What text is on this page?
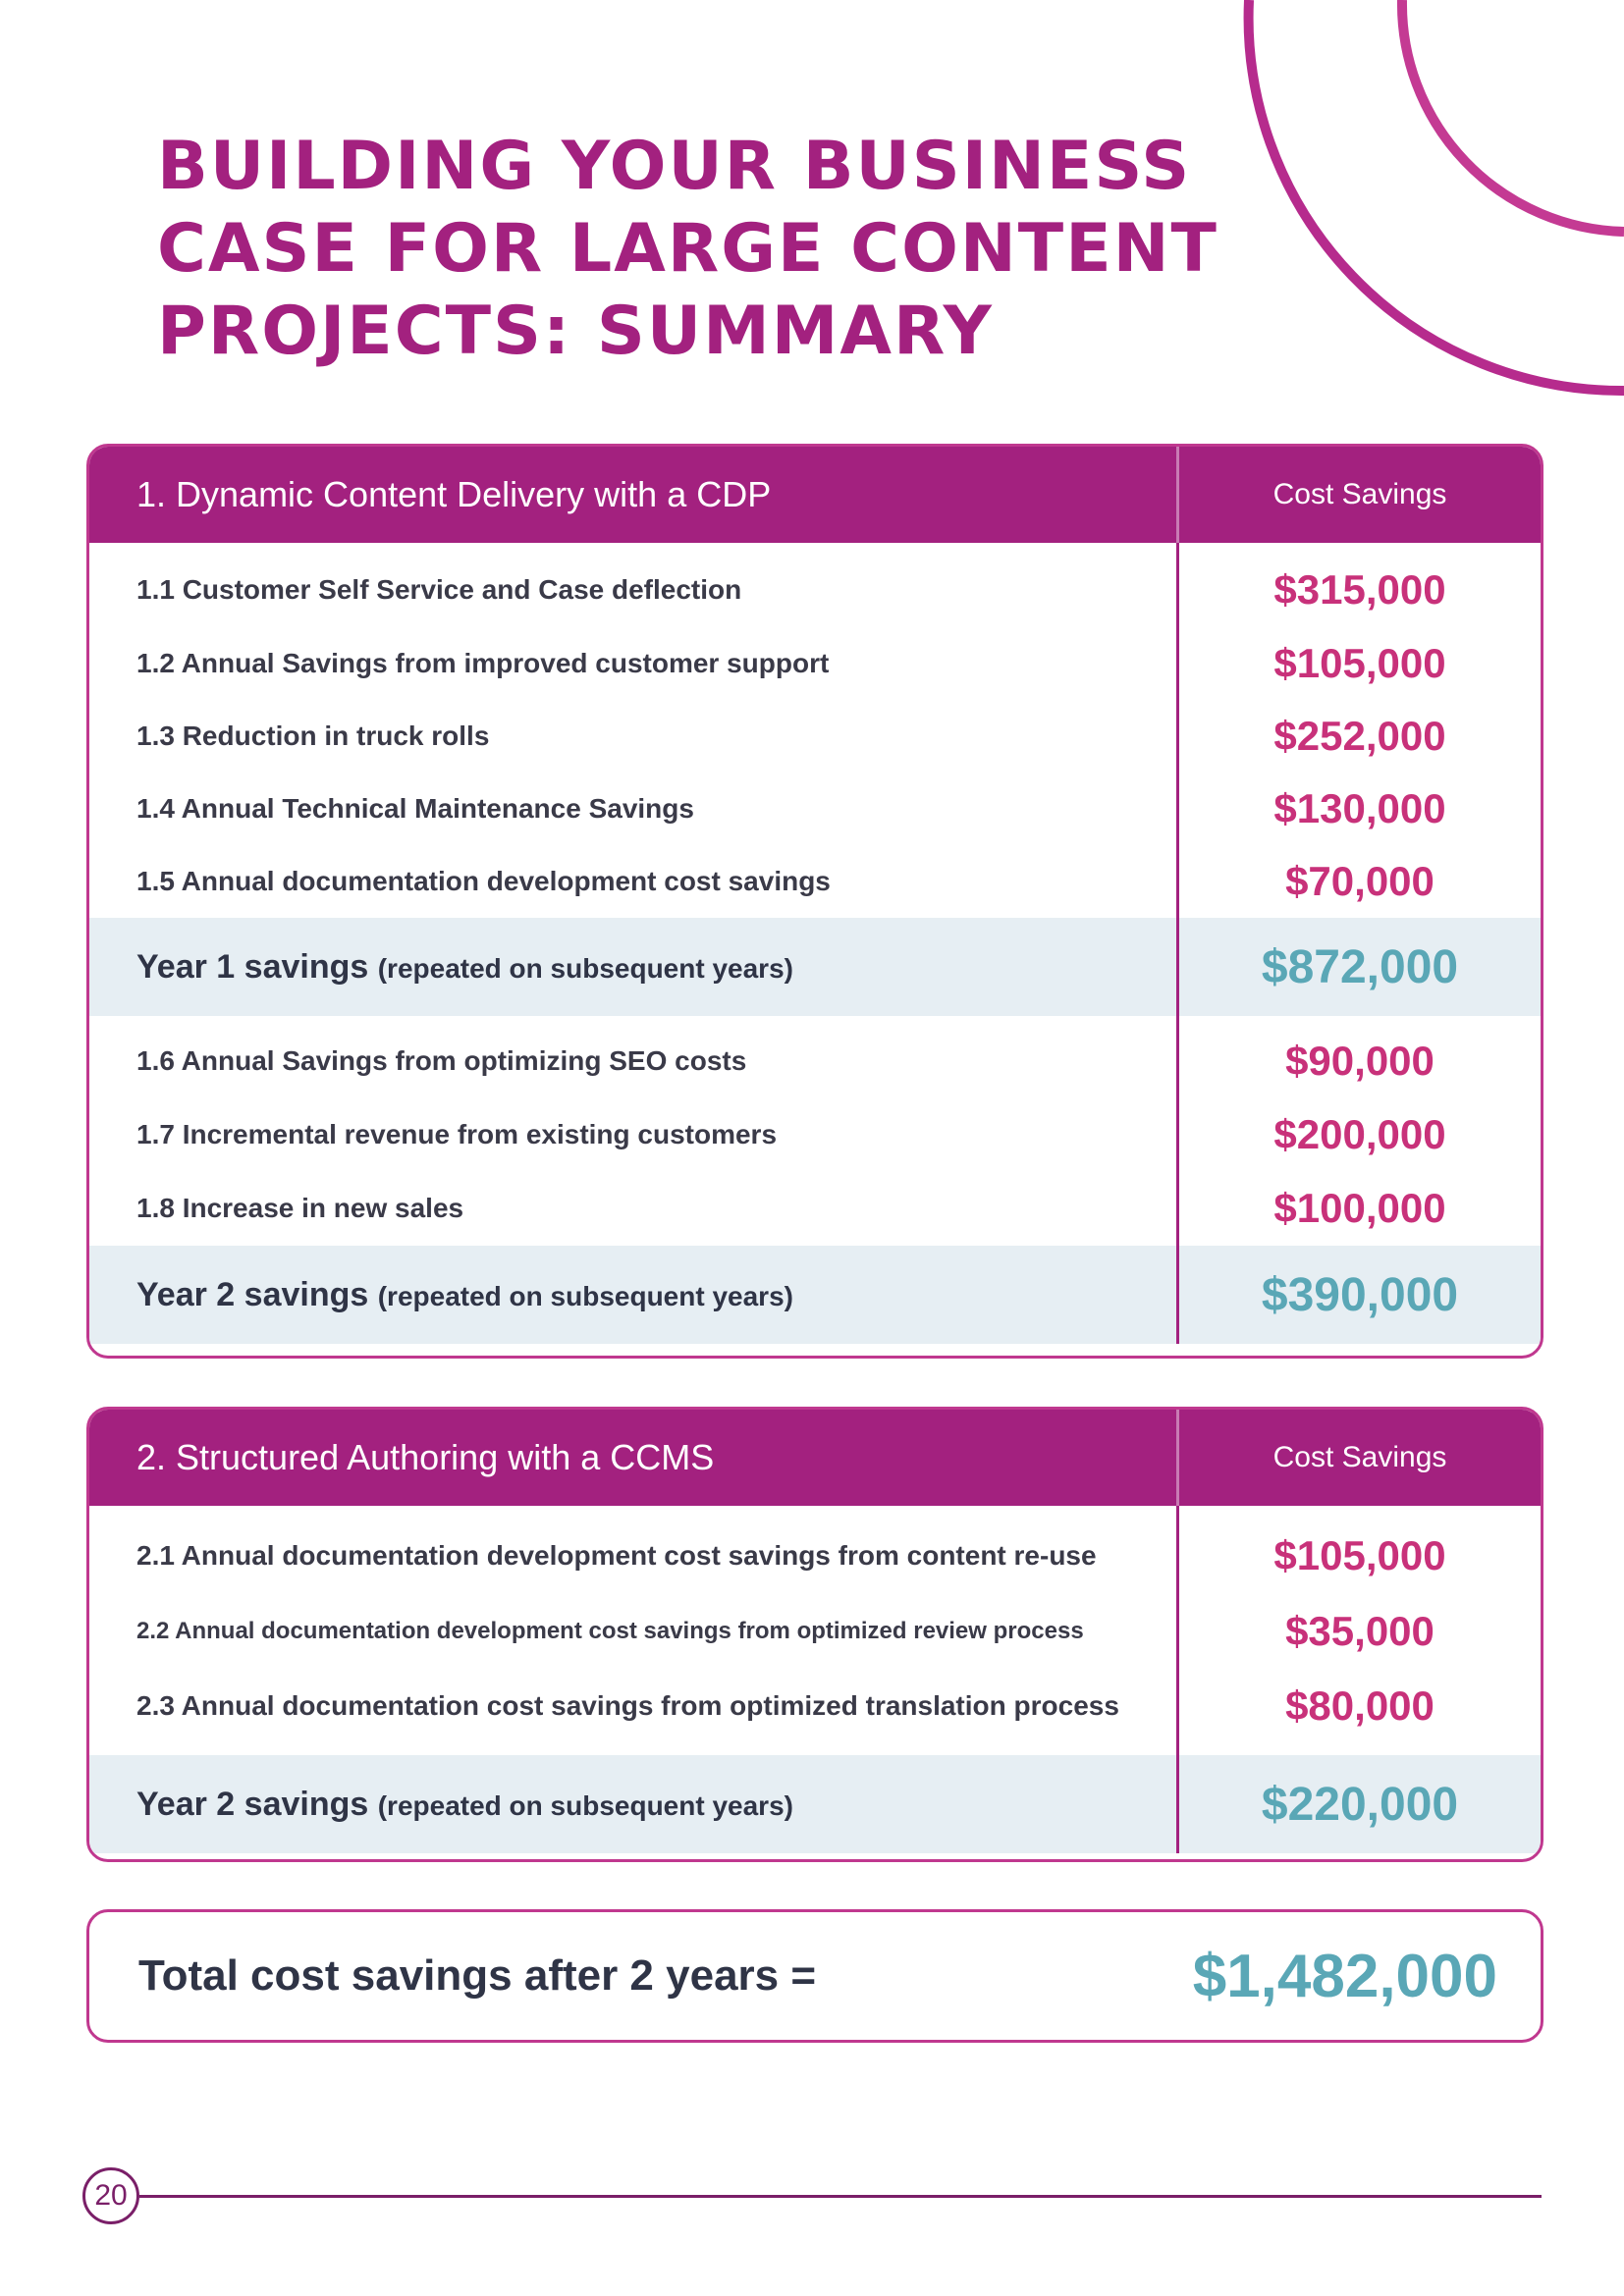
BUILDING YOUR BUSINESS
CASE FOR LARGE CONTENT
PROJECTS: SUMMARY
1. Dynamic Content Delivery with a CDP	Cost Savings
1.1 Customer Self Service and Case deflection	$315,000
1.2 Annual Savings from improved customer support	$105,000
1.3 Reduction in truck rolls	$252,000
1.4 Annual Technical Maintenance Savings	$130,000
1.5 Annual documentation development cost savings	$70,000
Year 1 savings (repeated on subsequent years)	$872,000
1.6 Annual Savings from optimizing SEO costs	$90,000
1.7 Incremental revenue from existing customers	$200,000
1.8 Increase in new sales	$100,000
Year 2 savings (repeated on subsequent years)	$390,000
2. Structured Authoring with a CCMS	Cost Savings
2.1 Annual documentation development cost savings from content re-use	$105,000
2.2 Annual documentation development cost savings from optimized review process	$35,000
2.3 Annual documentation cost savings from optimized translation process	$80,000
Year 2 savings (repeated on subsequent years)	$220,000
Total cost savings after 2 years =	$1,482,000
20
